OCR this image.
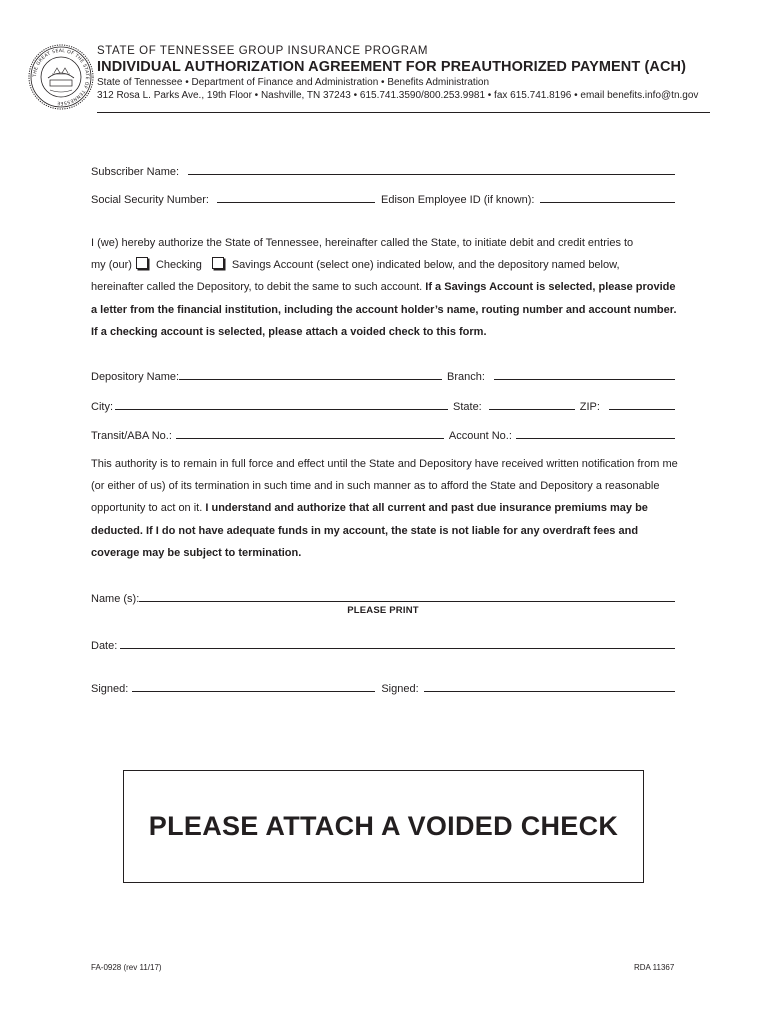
THE GREAT SEAL OF THE STATE OF TENNESSEE
STATE OF TENNESSEE GROUP INSURANCE PROGRAM
INDIVIDUAL AUTHORIZATION AGREEMENT FOR PREAUTHORIZED PAYMENT (ACH)
State of Tennessee • Department of Finance and Administration • Benefits Administration
312 Rosa L. Parks Ave., 19th Floor • Nashville, TN 37243 • 615.741.3590/800.253.9981 • fax 615.741.8196 • email benefits.info@tn.gov
Subscriber Name:
Social Security Number:	Edison Employee ID (if known):
I (we) hereby authorize the State of Tennessee, hereinafter called the State, to initiate debit and credit entries to
my (our) Checking	Savings Account (select one) indicated below, and the depository named below,
hereinafter called the Depository, to debit the same to such account. If a Savings Account is selected, please provide a letter from the financial institution, including the account holder’s name, routing number and account number. If a checking account is selected, please attach a voided check to this form.
Depository Name:	Branch:
City:	State:	ZIP:
Transit/ABA No.:	Account No.:
This authority is to remain in full force and effect until the State and Depository have received written notification from me (or either of us) of its termination in such time and in such manner as to afford the State and Depository a reasonable opportunity to act on it. I understand and authorize that all current and past due insurance premiums may be deducted. If I do not have adequate funds in my account, the state is not liable for any overdraft fees and coverage may be subject to termination.
Name (s):
PLEASE PRINT
Date:
Signed:	Signed:
PLEASE ATTACH A VOIDED CHECK
FA-0928 (rev 11/17)	RDA 11367
